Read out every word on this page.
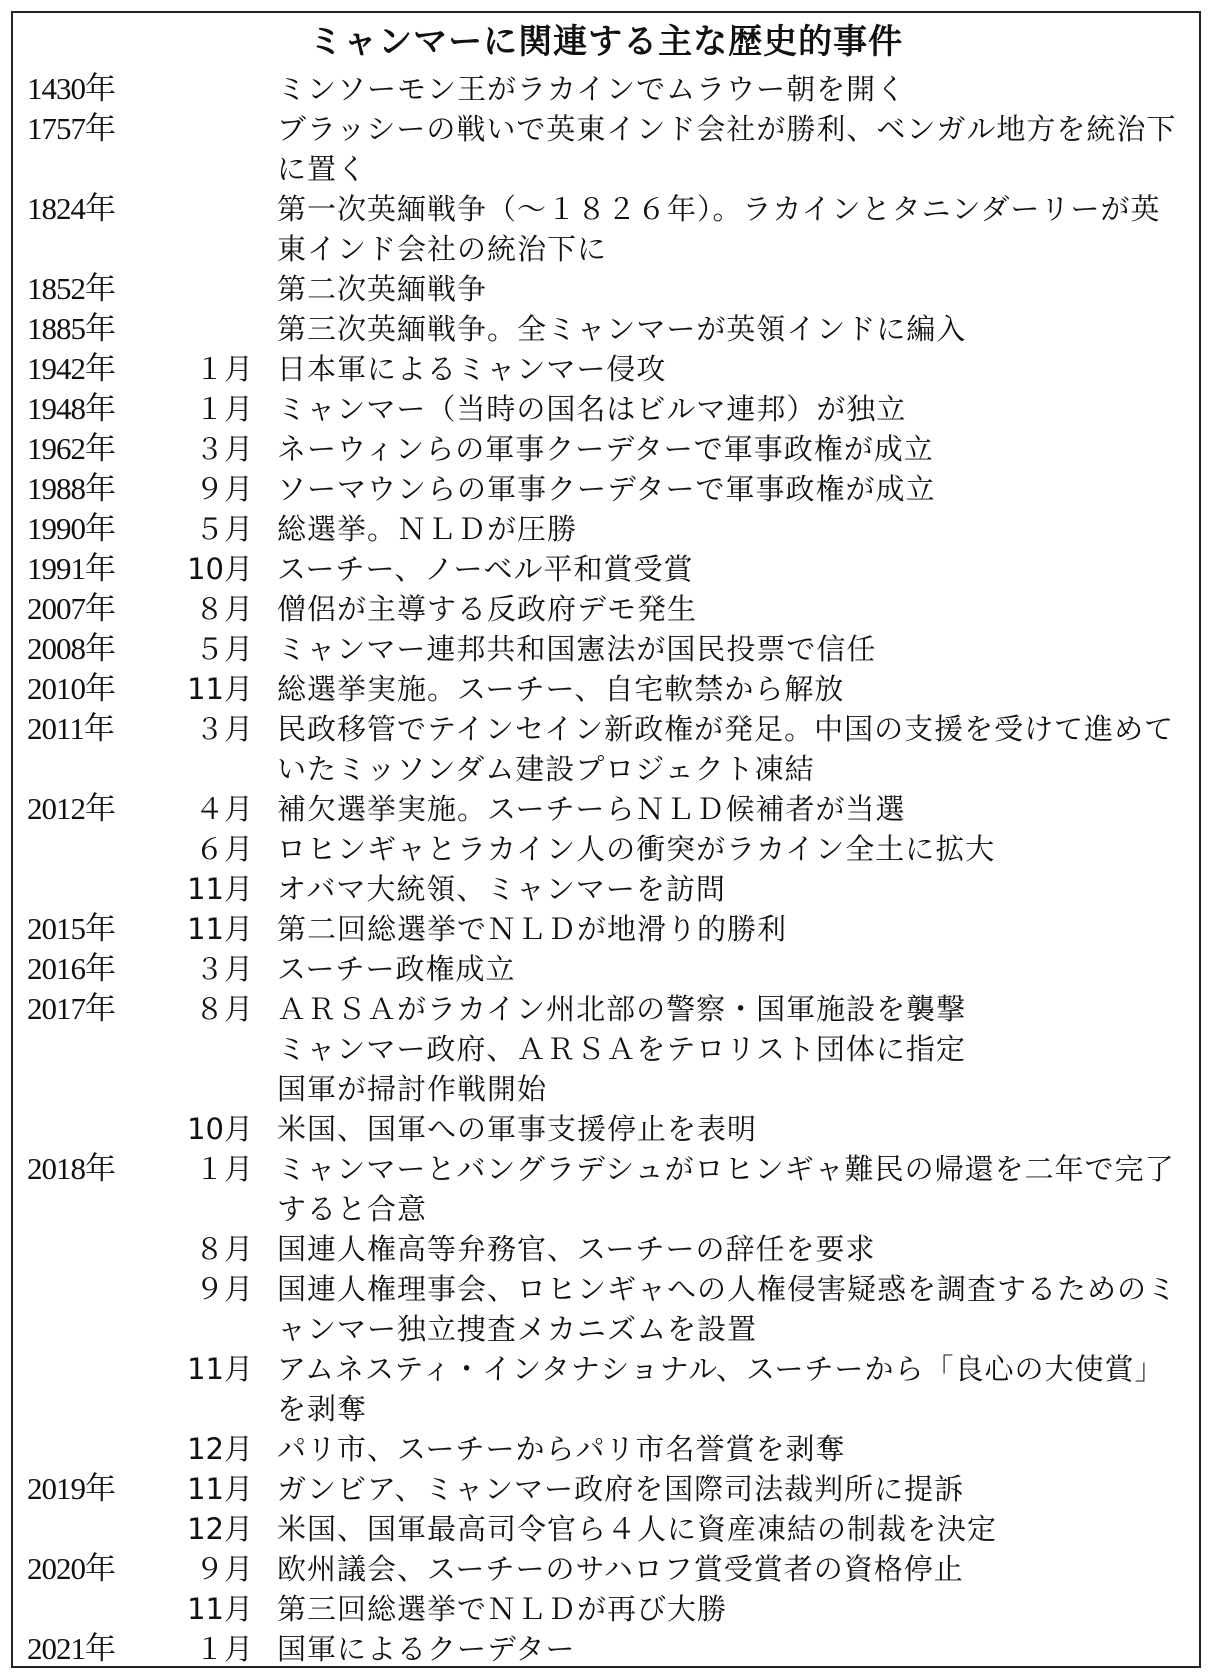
ミャンマーに関連する主な歴史的事件
1430年	ミンソーモン王がラカインでムラウー朝を開く
1757年	ブラッシーの戦いで英東インド会社が勝利、ベンガル地方を統治下に置く
1824年	第一次英緬戦争（～１８２６年）。ラカインとタニンダーリーが英東インド会社の統治下に
1852年	第二次英緬戦争
1885年	第三次英緬戦争。全ミャンマーが英領インドに編入
1942年	１月 日本軍によるミャンマー侵攻
1948年	１月 ミャンマー（当時の国名はビルマ連邦）が独立
1962年	３月 ネーウィンらの軍事クーデターで軍事政権が成立
1988年	９月 ソーマウンらの軍事クーデターで軍事政権が成立
1990年	５月 総選挙。ＮＬＤが圧勝
1991年	10月 スーチー、ノーベル平和賞受賞
2007年	８月 僧侶が主導する反政府デモ発生
2008年	５月 ミャンマー連邦共和国憲法が国民投票で信任
2010年	11月 総選挙実施。スーチー、自宅軟禁から解放
2011年	３月 民政移管でテインセイン新政権が発足。中国の支援を受けて進めていたミッソンダム建設プロジェクト凍結
2012年	４月 補欠選挙実施。スーチーらＮＬＤ候補者が当選
６月 ロヒンギャとラカイン人の衝突がラカイン全土に拡大
11月 オバマ大統領、ミャンマーを訪問
2015年	11月 第二回総選挙でＮＬＤが地滑り的勝利
2016年	３月 スーチー政権成立
2017年	８月 ＡＲＳＡがラカイン州北部の警察・国軍施設を襲撃
ミャンマー政府、ＡＲＳＡをテロリスト団体に指定
国軍が掃討作戦開始
10月 米国、国軍への軍事支援停止を表明
2018年	１月 ミャンマーとバングラデシュがロヒンギャ難民の帰還を二年で完了すると合意
８月 国連人権高等弁務官、スーチーの辞任を要求
９月 国連人権理事会、ロヒンギャへの人権侵害疑惑を調査するためのミャンマー独立捜査メカニズムを設置
11月 アムネスティ・インタナショナル、スーチーから「良心の大使賞」を剥奪
12月 パリ市、スーチーからパリ市名誉賞を剥奪
2019年	11月 ガンビア、ミャンマー政府を国際司法裁判所に提訴
12月 米国、国軍最高司令官ら４人に資産凍結の制裁を決定
2020年	９月 欧州議会、スーチーのサハロフ賞受賞者の資格停止
11月 第三回総選挙でＮＬＤが再び大勝
2021年	１月 国軍によるクーデター
